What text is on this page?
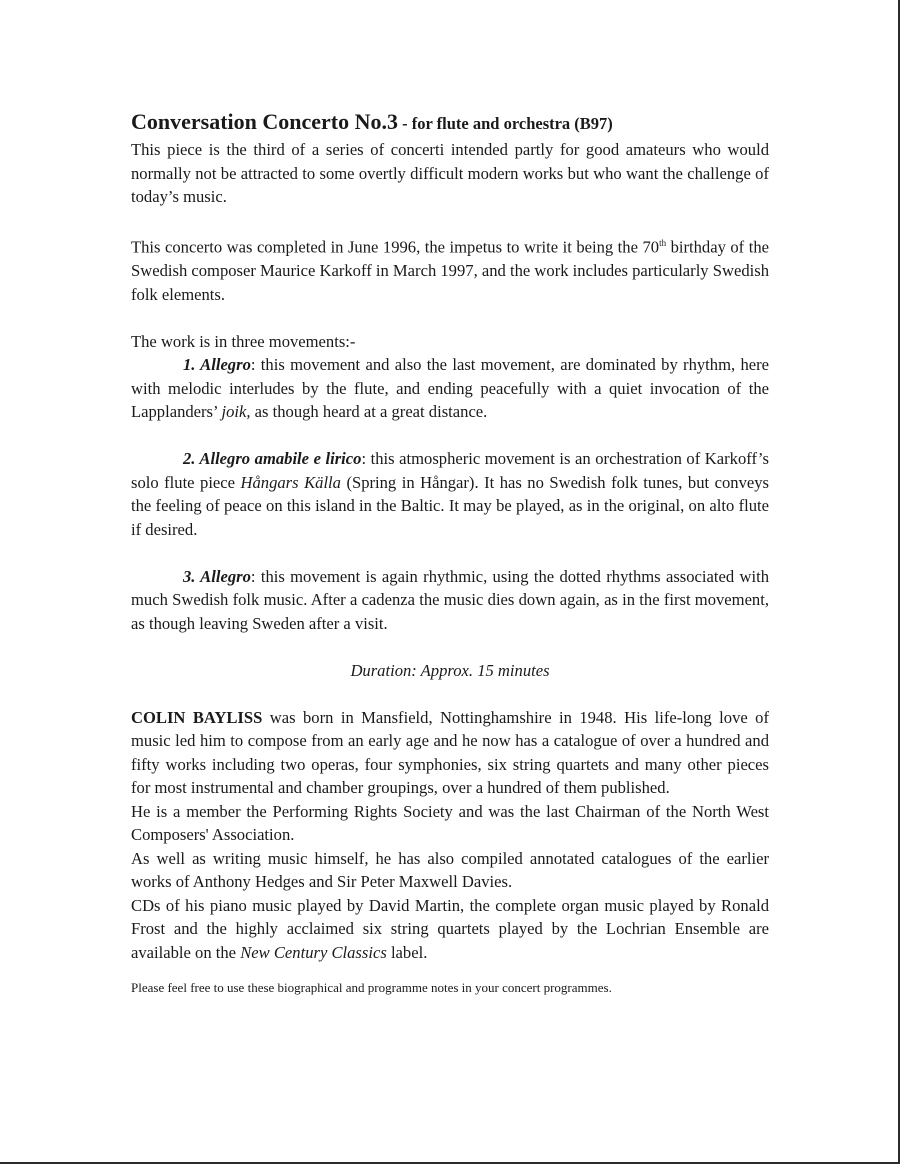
Conversation Concerto No.3 - for flute and orchestra (B97)

This piece is the third of a series of concerti intended partly for good amateurs who would normally not be attracted to some overtly difficult modern works but who want the challenge of today’s music.

This concerto was completed in June 1996, the impetus to write it being the 70th birthday of the Swedish composer Maurice Karkoff in March 1997, and the work includes particularly Swedish folk elements.

The work is in three movements:-

1. Allegro: this movement and also the last movement, are dominated by rhythm, here with melodic interludes by the flute, and ending peacefully with a quiet invocation of the Lapplanders’ joik, as though heard at a great distance.

2. Allegro amabile e lirico: this atmospheric movement is an orchestration of Karkoff’s solo flute piece Hångars Källa (Spring in Hångar). It has no Swedish folk tunes, but conveys the feeling of peace on this island in the Baltic. It may be played, as in the original, on alto flute if desired.

3. Allegro: this movement is again rhythmic, using the dotted rhythms associated with much Swedish folk music. After a cadenza the music dies down again, as in the first movement, as though leaving Sweden after a visit.

Duration: Approx. 15 minutes

COLIN BAYLISS was born in Mansfield, Nottinghamshire in 1948. His life-long love of music led him to compose from an early age and he now has a catalogue of over a hundred and fifty works including two operas, four symphonies, six string quartets and many other pieces for most instrumental and chamber groupings, over a hundred of them published.

He is a member the Performing Rights Society and was the last Chairman of the North West Composers' Association.

As well as writing music himself, he has also compiled annotated catalogues of the earlier works of Anthony Hedges and Sir Peter Maxwell Davies.

CDs of his piano music played by David Martin, the complete organ music played by Ronald Frost and the highly acclaimed six string quartets played by the Lochrian Ensemble are available on the New Century Classics label.

Please feel free to use these biographical and programme notes in your concert programmes.
